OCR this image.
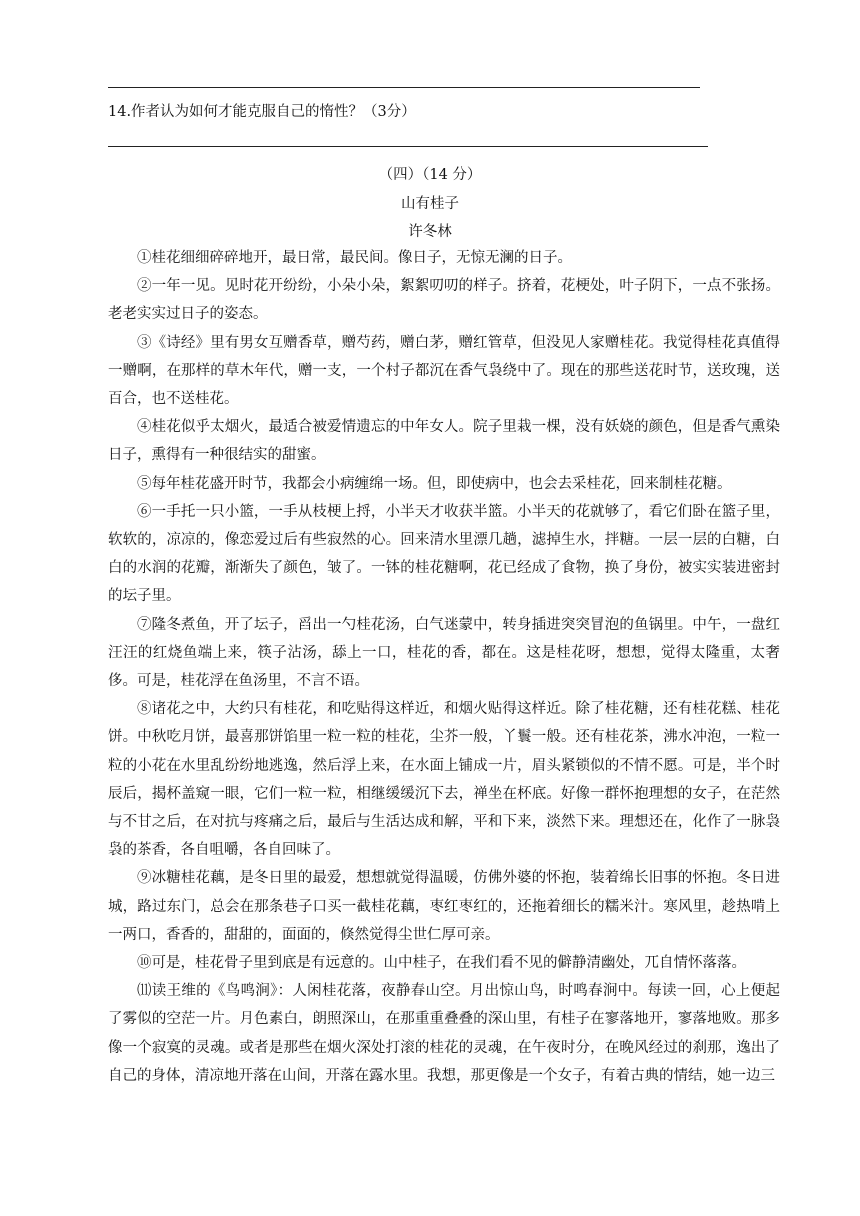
14.作者认为如何才能克服自己的惰性？（3分）
（四）（14 分）
山有桂子
许冬林

①桂花细细碎碎地开，最日常，最民间。像日子，无惊无澜的日子。

②一年一见。见时花开纷纷，小朵小朵，絮絮叨叨的样子。挤着，花梗处，叶子阴下，一点不张扬。老老实实过日子的姿态。

③《诗经》里有男女互赠香草，赠芍药，赠白茅，赠红管草，但没见人家赠桂花。我觉得桂花真值得一赠啊，在那样的草木年代，赠一支，一个村子都沉在香气袅绕中了。现在的那些送花时节，送玫瑰，送百合，也不送桂花。

④桂花似乎太烟火，最适合被爱情遗忘的中年女人。院子里栽一棵，没有妖娆的颜色，但是香气熏染日子，熏得有一种很结实的甜蜜。

⑤每年桂花盛开时节，我都会小病缠绵一场。但，即使病中，也会去采桂花，回来制桂花糖。

⑥一手托一只小篮，一手从枝梗上捋，小半天才收获半篮。小半天的花就够了，看它们卧在篮子里，软软的，凉凉的，像恋爱过后有些寂然的心。回来清水里漂几趟，滤掉生水，拌糖。一层一层的白糖，白白的水润的花瓣，渐渐失了颜色，皱了。一钵的桂花糖啊，花已经成了食物，换了身份，被实实装进密封的坛子里。

⑦隆冬煮鱼，开了坛子，舀出一勺桂花汤，白气迷蒙中，转身插进突突冒泡的鱼锅里。中午，一盘红汪汪的红烧鱼端上来，筷子沾汤，舔上一口，桂花的香，都在。这是桂花呀，想想，觉得太隆重，太奢侈。可是，桂花浮在鱼汤里，不言不语。

⑧诸花之中，大约只有桂花，和吃贴得这样近，和烟火贴得这样近。除了桂花糖，还有桂花糕、桂花饼。中秋吃月饼，最喜那饼馅里一粒一粒的桂花，尘芥一般，丫鬟一般。还有桂花茶，沸水冲泡，一粒一粒的小花在水里乱纷纷地逃逸，然后浮上来，在水面上铺成一片，眉头紧锁似的不情不愿。可是，半个时辰后，揭杯盖窥一眼，它们一粒一粒，相继缓缓沉下去，禅坐在杯底。好像一群怀抱理想的女子，在茫然与不甘之后，在对抗与疼痛之后，最后与生活达成和解，平和下来，淡然下来。理想还在，化作了一脉袅袅的茶香，各自咀嚼，各自回味了。

⑨冰糖桂花藕，是冬日里的最爱，想想就觉得温暖，仿佛外婆的怀抱，装着绵长旧事的怀抱。冬日进城，路过东门，总会在那条巷子口买一截桂花藕，枣红枣红的，还拖着细长的糯米汁。寒风里，趁热啃上一两口，香香的，甜甜的，面面的，倏然觉得尘世仁厚可亲。

⑩可是，桂花骨子里到底是有远意的。山中桂子，在我们看不见的僻静清幽处，兀自情怀落落。

⑾读王维的《鸟鸣涧》：人闲桂花落，夜静春山空。月出惊山鸟，时鸣春涧中。每读一回，心上便起了雾似的空茫一片。月色素白，朗照深山，在那重重叠叠的深山里，有桂子在寥落地开，寥落地败。那多像一个寂寞的灵魂。或者是那些在烟火深处打滚的桂花的灵魂，在午夜时分，在晚风经过的刹那，逸出了自己的身体，清凉地开落在山间，开落在露水里。我想，那更像是一个女子，有着古典的情结，她一边三
